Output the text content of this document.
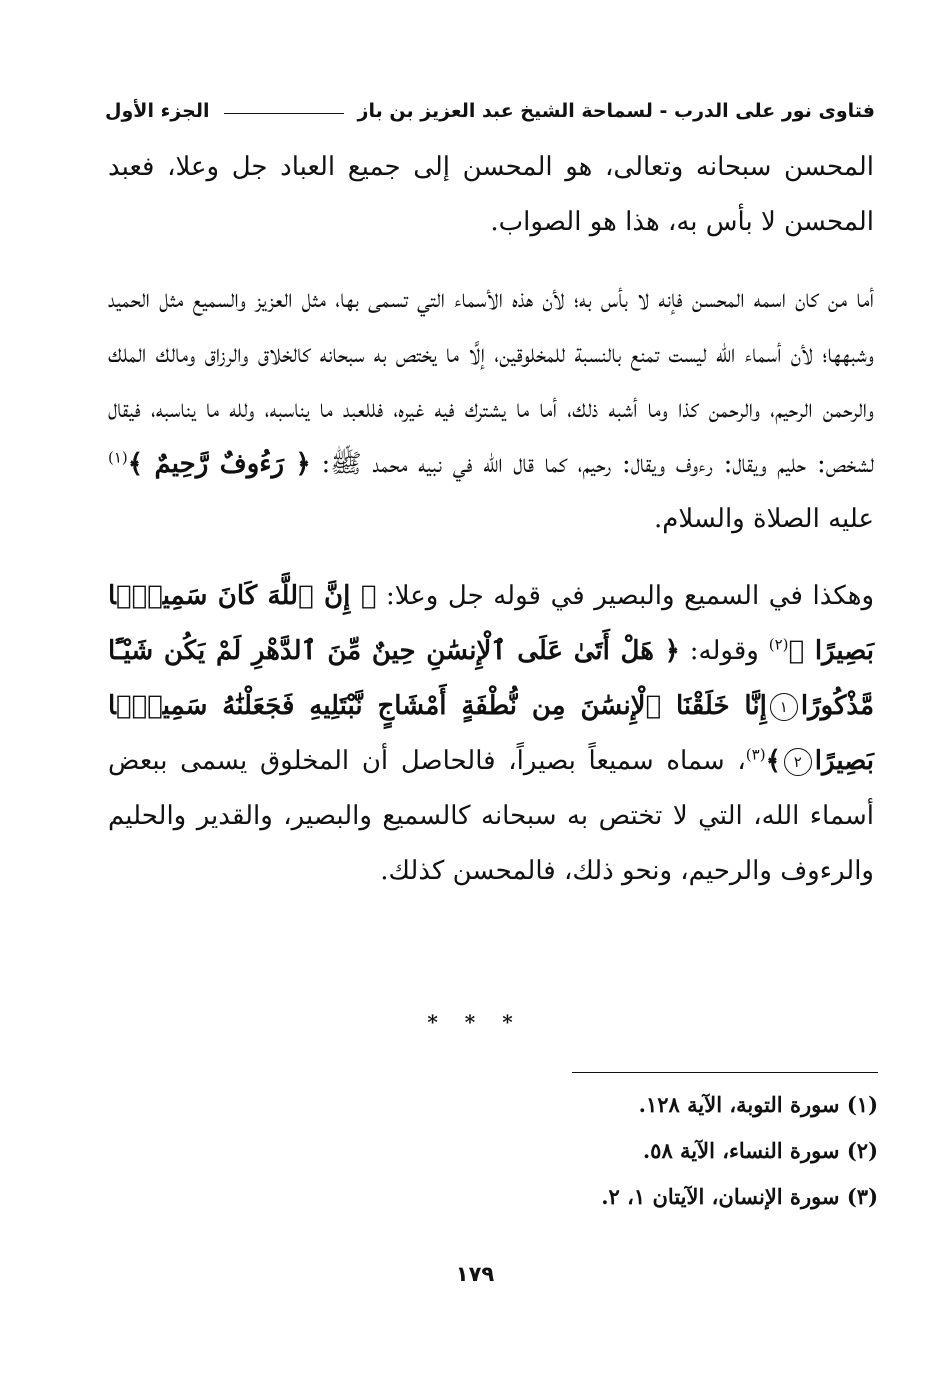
فتاوى نور على الدرب - لسماحة الشيخ عبد العزيز بن باز
الجزء الأول

المحسن سبحانه وتعالى، هو المحسن إلى جميع العباد جل وعلا، فعبد المحسن لا بأس به، هذا هو الصواب.

أما من كان اسمه المحسن فإنه لا بأس به؛ لأن هذه الأسماء التي تسمى بها، مثل العزيز والسميع مثل الحميد وشبهها؛ لأن أسماء الله ليست تمنع بالنسبة للمخلوقين، إلَّا ما يختص به سبحانه كالخلاق والرزاق ومالك الملك والرحمن الرحيم، والرحمن كذا وما أشبه ذلك، أما ما يشترك فيه غيره، فللعبد ما يناسبه، ولله ما يناسبه، فيقال لشخص: حليم ويقال: رءوف ويقال: رحيم، كما قال الله في نبيه محمد ﷺ: ﴿ رَءُوفٌ رَّحِيمٌ ﴾$^{(١)}$ عليه الصلاة والسلام.

وهكذا في السميع والبصير في قوله جل وعلا: ﴿ إِنَّ ٱللَّهَ كَانَ سَمِيعًۢا بَصِيرًا ﴾$^{(٢)}$ وقوله: ﴿ هَلْ أَتَىٰ عَلَى ٱلْإِنسَٰنِ حِينٌ مِّنَ ٱلدَّهْرِ لَمْ يَكُن شَيْـًٔا مَّذْكُورًا١إِنَّا خَلَقْنَا ٱلْإِنسَٰنَ مِن نُّطْفَةٍ أَمْشَاجٍ نَّبْتَلِيهِ فَجَعَلْنَٰهُ سَمِيعًۢا بَصِيرًا٢﴾$^{(٣)}$، سماه سميعاً بصيراً، فالحاصل أن المخلوق يسمى ببعض أسماء الله، التي لا تختص به سبحانه كالسميع والبصير، والقدير والحليم والرءوف والرحيم، ونحو ذلك، فالمحسن كذلك.

* * *

(١) سورة التوبة، الآية ١٢٨.

(٢) سورة النساء، الآية ٥٨.

(٣) سورة الإنسان، الآيتان ١، ٢.

١٧٩
